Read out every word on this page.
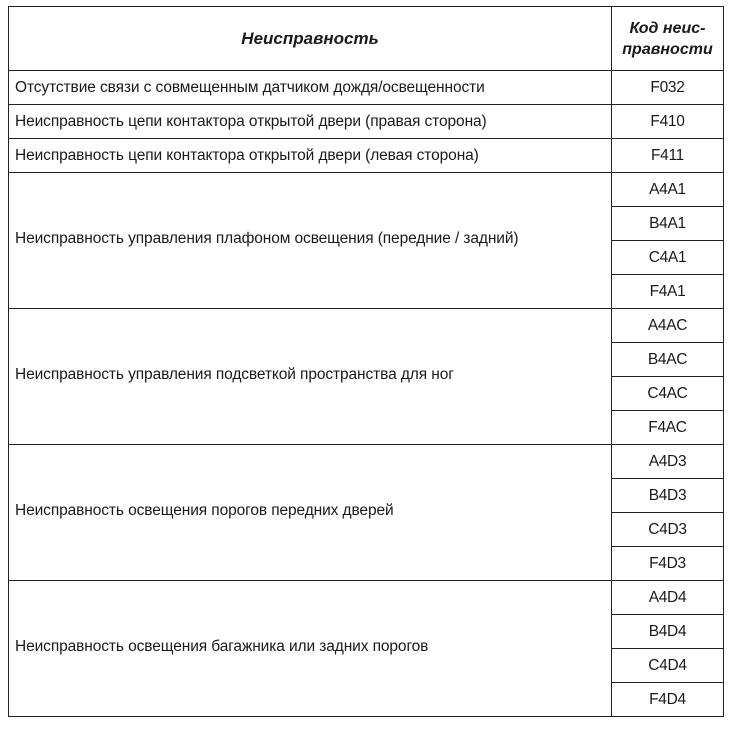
Неисправность	Код неис-
правности
Отсутствие связи с совмещенным датчиком дождя/освещенности	F032
Неисправность цепи контактора открытой двери (правая сторона)	F410
Неисправность цепи контактора открытой двери (левая сторона)	F411
Неисправность управления плафоном освещения (передние / задний)	A4A1
	B4A1
	C4A1
	F4A1
Неисправность управления подсветкой пространства для ног	A4AC
	B4AC
	C4AC
	F4AC
Неисправность освещения порогов передних дверей	A4D3
	B4D3
	C4D3
	F4D3
Неисправность освещения багажника или задних порогов	A4D4
	B4D4
	C4D4
	F4D4
